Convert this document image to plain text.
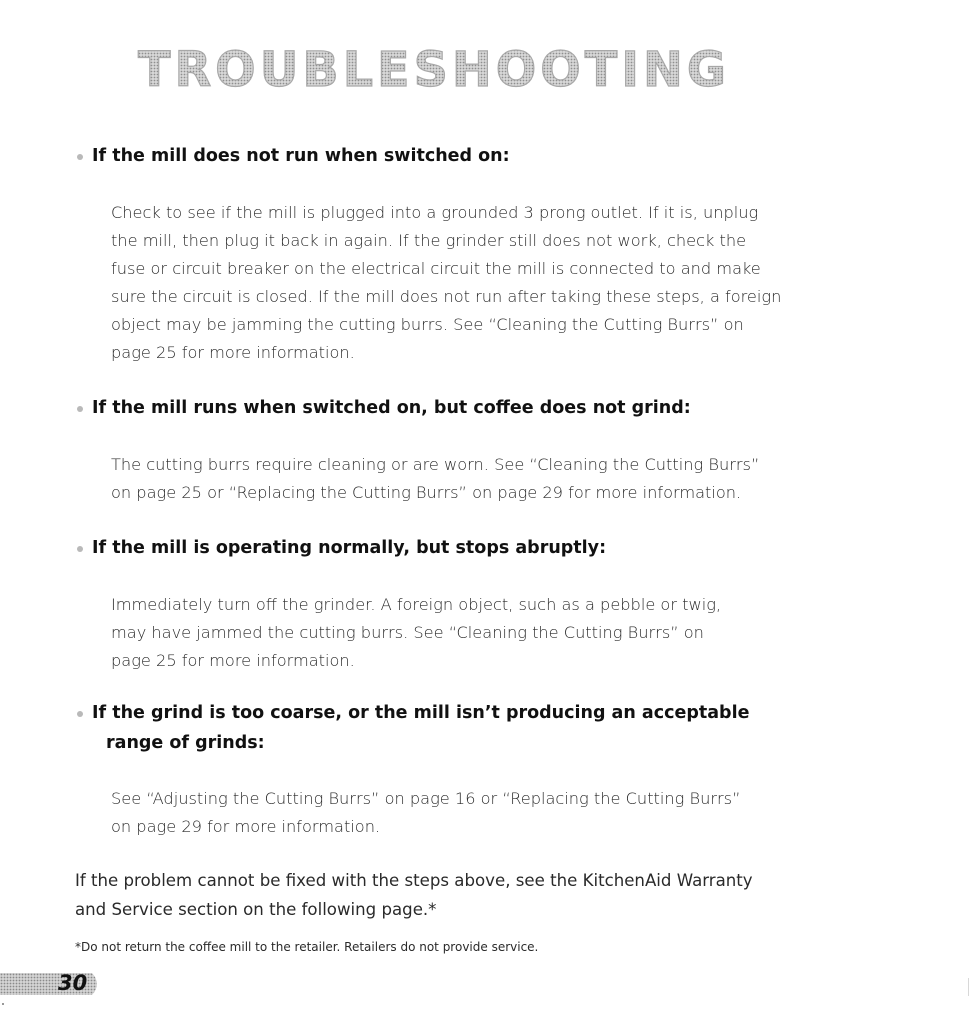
TROUBLESHOOTING
If the mill does not run when switched on:
Check to see if the mill is plugged into a grounded 3 prong outlet. If it is, unplug
the mill, then plug it back in again. If the grinder still does not work, check the
fuse or circuit breaker on the electrical circuit the mill is connected to and make
sure the circuit is closed. If the mill does not run after taking these steps, a foreign
object may be jamming the cutting burrs. See “Cleaning the Cutting Burrs” on
page 25 for more information.
If the mill runs when switched on, but coffee does not grind:
The cutting burrs require cleaning or are worn. See “Cleaning the Cutting Burrs”
on page 25 or “Replacing the Cutting Burrs” on page 29 for more information.
If the mill is operating normally, but stops abruptly:
Immediately turn off the grinder. A foreign object, such as a pebble or twig,
may have jammed the cutting burrs. See “Cleaning the Cutting Burrs” on
page 25 for more information.
If the grind is too coarse, or the mill isn’t producing an acceptable
range of grinds:
See “Adjusting the Cutting Burrs” on page 16 or “Replacing the Cutting Burrs”
on page 29 for more information.
If the problem cannot be fixed with the steps above, see the KitchenAid Warranty
and Service section on the following page.*
*Do not return the coffee mill to the retailer. Retailers do not provide service.
30
